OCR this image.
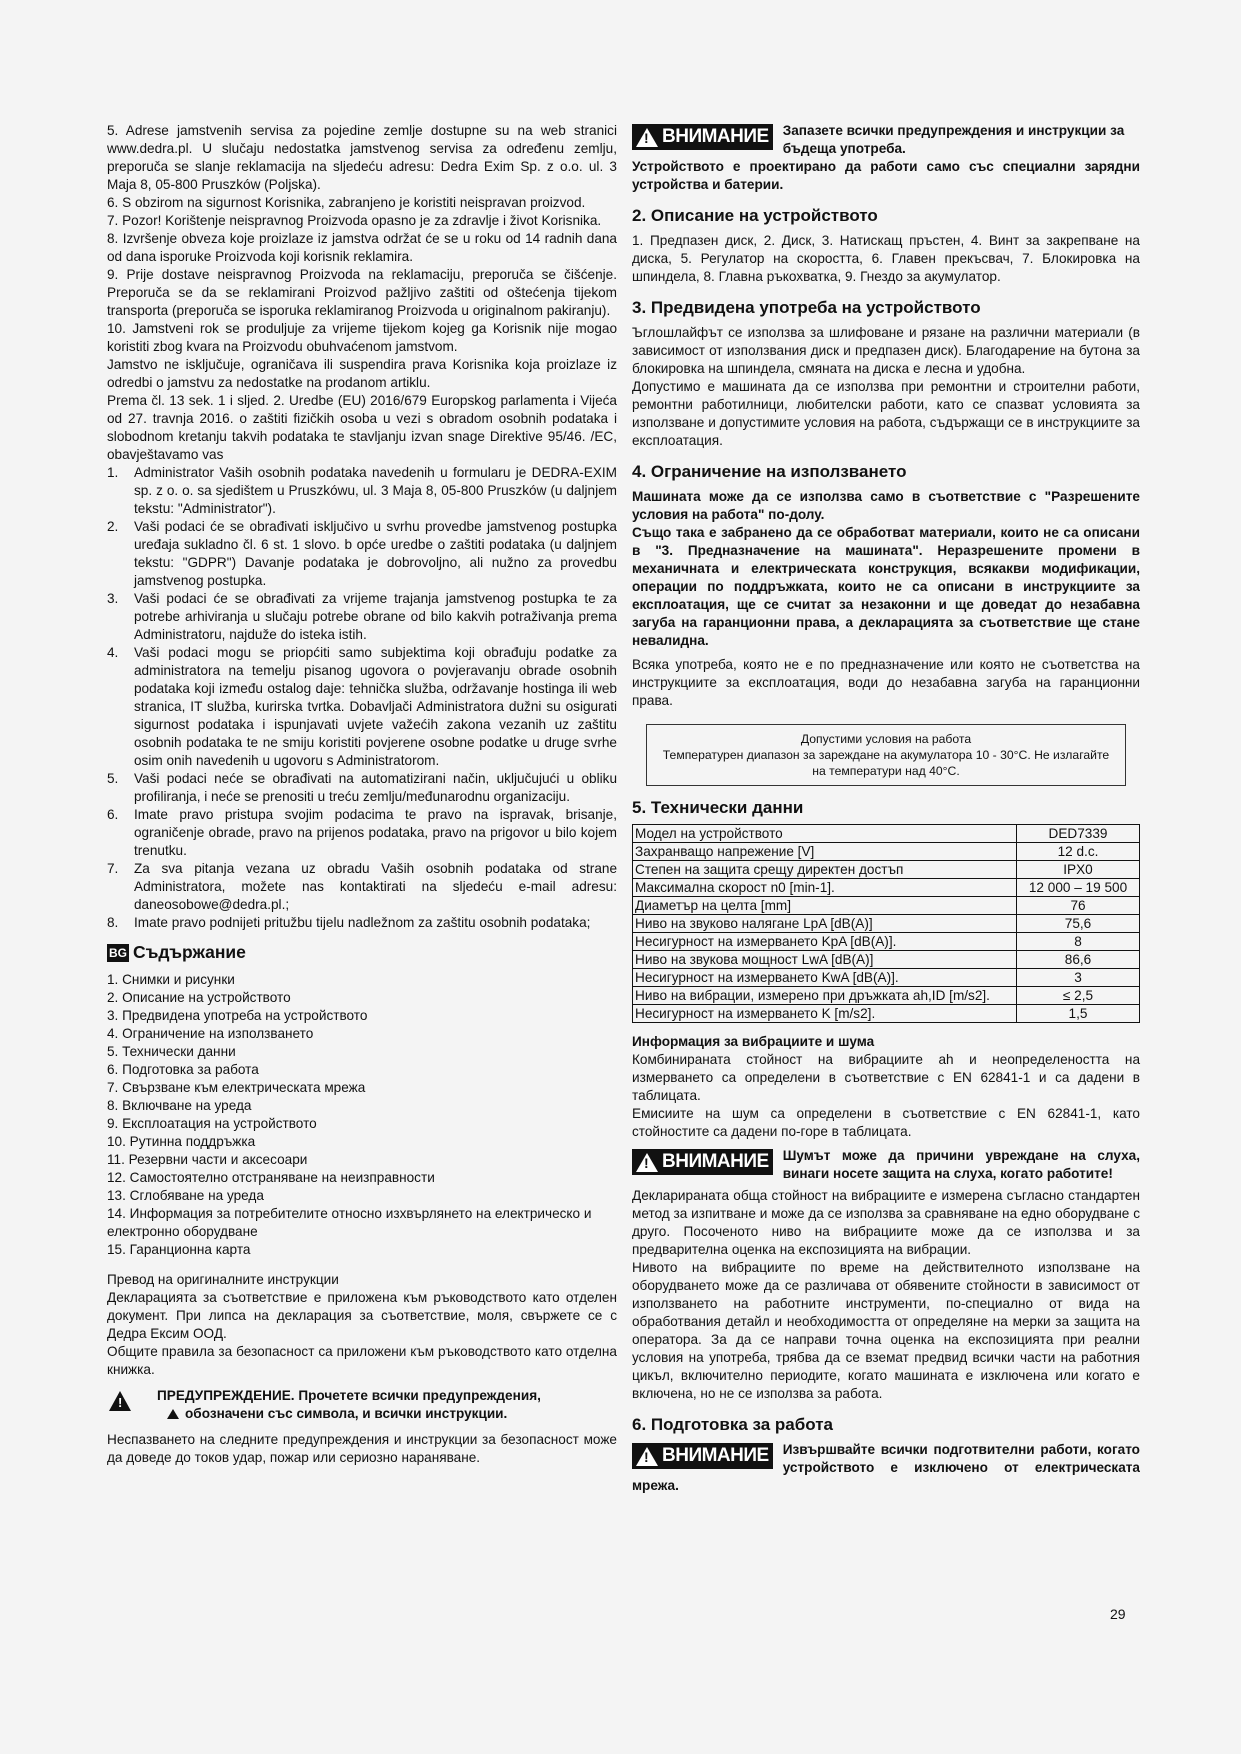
5. Adrese jamstvenih servisa za pojedine zemlje dostupne su na web stranici www.dedra.pl. U slučaju nedostatka jamstvenog servisa za određenu zemlju, preporuča se slanje reklamacija na sljedeću adresu: Dedra Exim Sp. z o.o. ul. 3 Maja 8, 05-800 Pruszków (Poljska).

6. S obzirom na sigurnost Korisnika, zabranjeno je koristiti neispravan proizvod.

7. Pozor! Korištenje neispravnog Proizvoda opasno je za zdravlje i život Korisnika.

8. Izvršenje obveza koje proizlaze iz jamstva održat će se u roku od 14 radnih dana od dana isporuke Proizvoda koji korisnik reklamira.

9. Prije dostave neispravnog Proizvoda na reklamaciju, preporuča se čišćenje. Preporuča se da se reklamirani Proizvod pažljivo zaštiti od oštećenja tijekom transporta (preporuča se isporuka reklamiranog Proizvoda u originalnom pakiranju).

10. Jamstveni rok se produljuje za vrijeme tijekom kojeg ga Korisnik nije mogao koristiti zbog kvara na Proizvodu obuhvaćenom jamstvom.

Jamstvo ne isključuje, ograničava ili suspendira prava Korisnika koja proizlaze iz odredbi o jamstvu za nedostatke na prodanom artiklu.

Prema čl. 13 sek. 1 i sljed. 2. Uredbe (EU) 2016/679 Europskog parlamenta i Vijeća od 27. travnja 2016. o zaštiti fizičkih osoba u vezi s obradom osobnih podataka i slobodnom kretanju takvih podataka te stavljanju izvan snage Direktive 95/46. /EC, obavještavamo vas

1. Administrator Vaših osobnih podataka navedenih u formularu je DEDRA-EXIM sp. z o. o. sa sjedištem u Pruszkówu, ul. 3 Maja 8, 05-800 Pruszków (u daljnjem tekstu: "Administrator").
2. Vaši podaci će se obrađivati isključivo u svrhu provedbe jamstvenog postupka uređaja sukladno čl. 6 st. 1 slovo. b opće uredbe o zaštiti podataka (u daljnjem tekstu: "GDPR") Davanje podataka je dobrovoljno, ali nužno za provedbu jamstvenog postupka.
3. Vaši podaci će se obrađivati za vrijeme trajanja jamstvenog postupka te za potrebe arhiviranja u slučaju potrebe obrane od bilo kakvih potraživanja prema Administratoru, najduže do isteka istih.
4. Vaši podaci mogu se priopćiti samo subjektima koji obrađuju podatke za administratora na temelju pisanog ugovora o povjeravanju obrade osobnih podataka koji između ostalog daje: tehnička služba, održavanje hostinga ili web stranica, IT služba, kurirska tvrtka. Dobavljači Administratora dužni su osigurati sigurnost podataka i ispunjavati uvjete važećih zakona vezanih uz zaštitu osobnih podataka te ne smiju koristiti povjerene osobne podatke u druge svrhe osim onih navedenih u ugovoru s Administratorom.
5. Vaši podaci neće se obrađivati na automatizirani način, uključujući u obliku profiliranja, i neće se prenositi u treću zemlju/međunarodnu organizaciju.
6. Imate pravo pristupa svojim podacima te pravo na ispravak, brisanje, ograničenje obrade, pravo na prijenos podataka, pravo na prigovor u bilo kojem trenutku.
7. Za sva pitanja vezana uz obradu Vaših osobnih podataka od strane Administratora, možete nas kontaktirati na sljedeću e-mail adresu: daneosobowe@dedra.pl.;
8. Imate pravo podnijeti pritužbu tijelu nadležnom za zaštitu osobnih podataka;
BG Съдържание
1. Снимки и рисунки
2. Описание на устройството
3. Предвидена употреба на устройството
4. Ограничение на използването
5. Технически данни
6. Подготовка за работа
7. Свързване към електрическата мрежа
8. Включване на уреда
9. Експлоатация на устройството
10. Рутинна поддръжка
11. Резервни части и аксесоари
12. Самостоятелно отстраняване на неизправности
13. Сглобяване на уреда
14. Информация за потребителите относно изхвърлянето на електрическо и електронно оборудване
15. Гаранционна карта

Превод на оригиналните инструкции

Декларацията за съответствие е приложена към ръководството като отделен документ. При липса на декларация за съответствие, моля, свържете се с Дедра Ексим ООД.

Общите правила за безопасност са приложени към ръководството като отделна книжка.

!	ПРЕДУПРЕЖДЕНИЕ. Прочетете всички предупреждения,

обозначени със символа, и всички инструкции.

Неспазването на следните предупреждения и инструкции за безопасност може да доведе до токов удар, пожар или сериозно нараняване.

! ВНИМАНИЕ	Запазете всички предупреждения и инструкции за бъдеща употреба.

Устройството е проектирано да работи само със специални зарядни устройства и батерии.

2. Описание на устройството

1. Предпазен диск, 2. Диск, 3. Натискащ пръстен, 4. Винт за закрепване на диска, 5. Регулатор на скоростта, 6. Главен прекъсвач, 7. Блокировка на шпиндела, 8. Главна ръкохватка, 9. Гнездо за акумулатор.

3. Предвидена употреба на устройството

Ъглошлайфът се използва за шлифоване и рязане на различни материали (в зависимост от използвания диск и предпазен диск). Благодарение на бутона за блокировка на шпиндела, смяната на диска е лесна и удобна.

Допустимо е машината да се използва при ремонтни и строителни работи, ремонтни работилници, любителски работи, като се спазват условията за използване и допустимите условия на работа, съдържащи се в инструкциите за експлоатация.

4. Ограничение на използването

Машината може да се използва само в съответствие с "Разрешените условия на работа" по-долу.

Също така е забранено да се обработват материали, които не са описани в "3. Предназначение на машината". Неразрешените промени в механичната и електрическата конструкция, всякакви модификации, операции по поддръжката, които не са описани в инструкциите за експлоатация, ще се считат за незаконни и ще доведат до незабавна загуба на гаранционни права, а декларацията за съответствие ще стане невалидна.

Всяка употреба, която не е по предназначение или която не съответства на инструкциите за експлоатация, води до незабавна загуба на гаранционни права.

Допустими условия на работа
Температурен диапазон за зареждане на акумулатора 10 - 30°C. Не излагайте на температури над 40°C.
5. Технически данни
Модел на устройството	DED7339
Захранващо напрежение [V]	12 d.c.
Степен на защита срещу директен достъп	IPX0
Максимална скорост n0 [min-1].	12 000 – 19 500
Диаметър на целта [mm]	76
Ниво на звуково налягане LpA [dB(A)]	75,6
Несигурност на измерването KpA [dB(A)].	8
Ниво на звукова мощност LwA [dB(A)]	86,6
Несигурност на измерването KwA [dB(A)].	3
Ниво на вибрации, измерено при дръжката ah,ID [m/s2].	≤ 2,5
Несигурност на измерването K [m/s2].	1,5

Информация за вибрациите и шума

Комбинираната стойност на вибрациите ah и неопределеността на измерването са определени в съответствие с EN 62841-1 и са дадени в таблицата.

Емисиите на шум са определени в съответствие с EN 62841-1, като стойностите са дадени по-горе в таблицата.

! ВНИМАНИЕ	Шумът може да причини увреждане на слуха, винаги носете защита на слуха, когато работите!

Декларираната обща стойност на вибрациите е измерена съгласно стандартен метод за изпитване и може да се използва за сравняване на едно оборудване с друго. Посоченото ниво на вибрациите може да се използва и за предварителна оценка на експозицията на вибрации.

Нивото на вибрациите по време на действителното използване на оборудването може да се различава от обявените стойности в зависимост от използването на работните инструменти, по-специално от вида на обработвания детайл и необходимостта от определяне на мерки за защита на оператора. За да се направи точна оценка на експозицията при реални условия на употреба, трябва да се вземат предвид всички части на работния цикъл, включително периодите, когато машината е изключена или когато е включена, но не се използва за работа.

6. Подготовка за работа
! ВНИМАНИЕ	Извършвайте всички подготвителни работи, когато устройството е изключено от електрическата мрежа.

29
